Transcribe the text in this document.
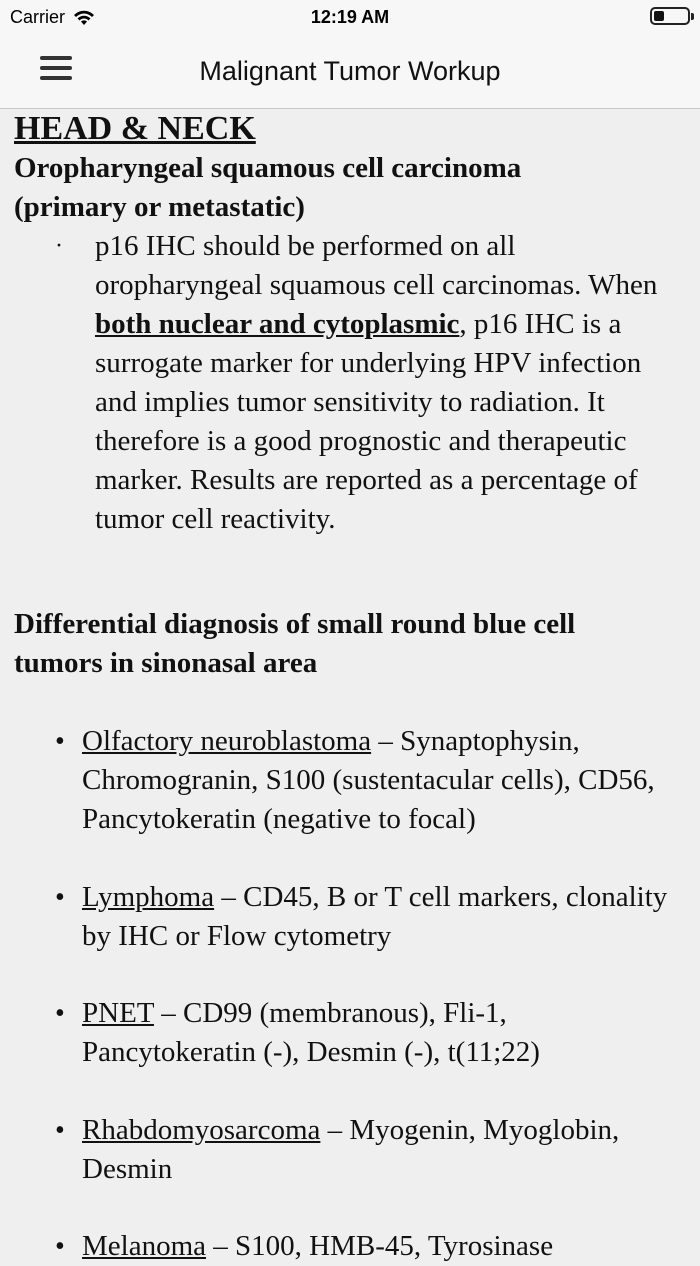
Carrier	12:19 AM
Malignant Tumor Workup
HEAD & NECK
Oropharyngeal squamous cell carcinoma (primary or metastatic)
· p16 IHC should be performed on all oropharyngeal squamous cell carcinomas. When both nuclear and cytoplasmic, p16 IHC is a surrogate marker for underlying HPV infection and implies tumor sensitivity to radiation. It therefore is a good prognostic and therapeutic marker. Results are reported as a percentage of tumor cell reactivity.
Differential diagnosis of small round blue cell tumors in sinonasal area
• Olfactory neuroblastoma – Synaptophysin, Chromogranin, S100 (sustentacular cells), CD56, Pancytokeratin (negative to focal)
• Lymphoma – CD45, B or T cell markers, clonality by IHC or Flow cytometry
• PNET – CD99 (membranous), Fli-1, Pancytokeratin (-), Desmin (-), t(11;22)
• Rhabdomyosarcoma – Myogenin, Myoglobin, Desmin
• Melanoma – S100, HMB-45, Tyrosinase
